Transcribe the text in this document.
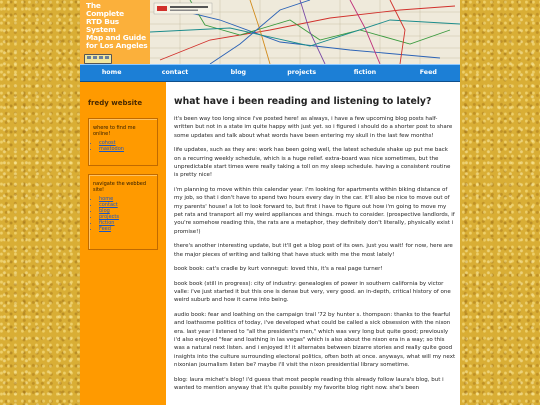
The
Complete
RTD Bus System
Map and Guide
for Los Angeles
home	contact	blog	projects	fiction	Feed
fredy website
where to find me online!
• cohost
• mastodon
navigate the webbed site!
• home
• contact
• blog
• projects
• fiction
• Feed
what have i been reading and listening to lately?

it's been way too long since i've posted here! as always, i have a few upcoming blog posts half-written but not in a state im quite happy with just yet. so i figured i should do a shorter post to share some updates and talk about what words have been entering my skull in the last few months!

life updates, such as they are: work has been going well, the latest schedule shake up put me back on a recurring weekly schedule, which is a huge relief. extra-board was nice sometimes, but the unpredictable start times were really taking a toll on my sleep schedule. having a consistent routine is pretty nice!

i'm planning to move within this calendar year. i'm looking for apartments within biking distance of my job, so that i don't have to spend two hours every day in the car. it'll also be nice to move out of my parents' house! a lot to look forward to, but first i have to figure out how i'm going to move my pet rats and transport all my weird appliances and things. much to consider. (prospective landlords, if you're somehow reading this, the rats are a metaphor, they definitely don't literally, physically exist i promise!)

there's another interesting update, but it'll get a blog post of its own. just you wait! for now, here are the major pieces of writing and talking that have stuck with me the most lately!

book book: cat's cradle by kurt vonnegut: loved this, it's a real page turner!

book book (still in progress): city of industry: genealogies of power in southern california by victor valle: i've just started it but this one is dense but very, very good. an in-depth, critical history of one weird suburb and how it came into being.

audio book: fear and loathing on the campaign trail '72 by hunter s. thompson: thanks to the fearful and loathsome politics of today, i've developed what could be called a sick obsession with the nixon era. last year i listened to "all the president's men," which was very long but quite good; previously i'd also enjoyed "fear and loathing in las vegas" which is also about the nixon era in a way; so this was a natural next listen. and i enjoyed it! it alternates between bizarre stories and really quite good insights into the culture surrounding electoral politics, often both at once. anyways, what will my next nixonian journalism listen be? maybe i'll visit the nixon presidential library sometime.

blog: laura michet's blog! i'd guess that most people reading this already follow laura's blog, but i wanted to mention anyway that it's quite possibly my favorite blog right now. she's been
